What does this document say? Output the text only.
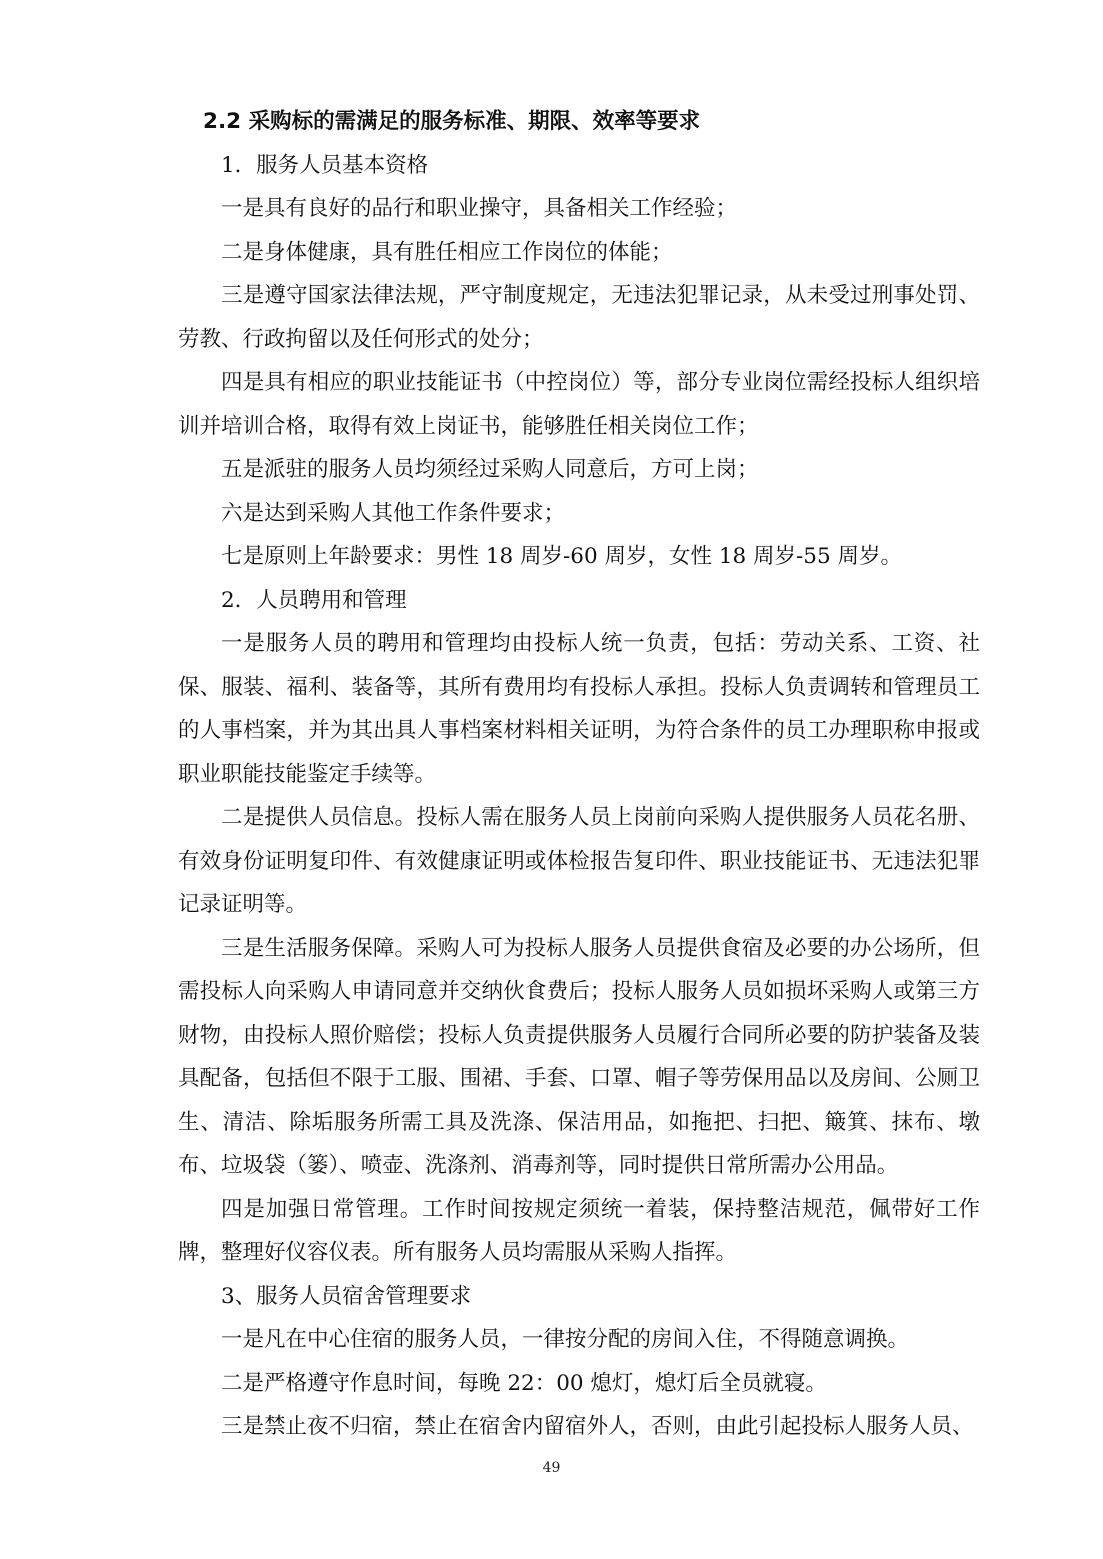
2.2 采购标的需满足的服务标准、期限、效率等要求

1．服务人员基本资格

一是具有良好的品行和职业操守，具备相关工作经验；

二是身体健康，具有胜任相应工作岗位的体能；

三是遵守国家法律法规，严守制度规定，无违法犯罪记录，从未受过刑事处罚、劳教、行政拘留以及任何形式的处分；

四是具有相应的职业技能证书（中控岗位）等，部分专业岗位需经投标人组织培训并培训合格，取得有效上岗证书，能够胜任相关岗位工作；

五是派驻的服务人员均须经过采购人同意后，方可上岗；

六是达到采购人其他工作条件要求；

七是原则上年龄要求：男性 18 周岁-60 周岁，女性 18 周岁-55 周岁。

2．人员聘用和管理

一是服务人员的聘用和管理均由投标人统一负责，包括：劳动关系、工资、社保、服装、福利、装备等，其所有费用均有投标人承担。投标人负责调转和管理员工的人事档案，并为其出具人事档案材料相关证明，为符合条件的员工办理职称申报或职业职能技能鉴定手续等。

二是提供人员信息。投标人需在服务人员上岗前向采购人提供服务人员花名册、有效身份证明复印件、有效健康证明或体检报告复印件、职业技能证书、无违法犯罪记录证明等。

三是生活服务保障。采购人可为投标人服务人员提供食宿及必要的办公场所，但需投标人向采购人申请同意并交纳伙食费后；投标人服务人员如损坏采购人或第三方财物，由投标人照价赔偿；投标人负责提供服务人员履行合同所必要的防护装备及装具配备，包括但不限于工服、围裙、手套、口罩、帽子等劳保用品以及房间、公厕卫生、清洁、除垢服务所需工具及洗涤、保洁用品，如拖把、扫把、簸箕、抹布、墩布、垃圾袋（篓）、喷壶、洗涤剂、消毒剂等，同时提供日常所需办公用品。

四是加强日常管理。工作时间按规定须统一着装，保持整洁规范，佩带好工作牌，整理好仪容仪表。所有服务人员均需服从采购人指挥。

3、服务人员宿舍管理要求

一是凡在中心住宿的服务人员，一律按分配的房间入住，不得随意调换。

二是严格遵守作息时间，每晚 22：00 熄灯，熄灯后全员就寝。

三是禁止夜不归宿，禁止在宿舍内留宿外人，否则，由此引起投标人服务人员、

49
